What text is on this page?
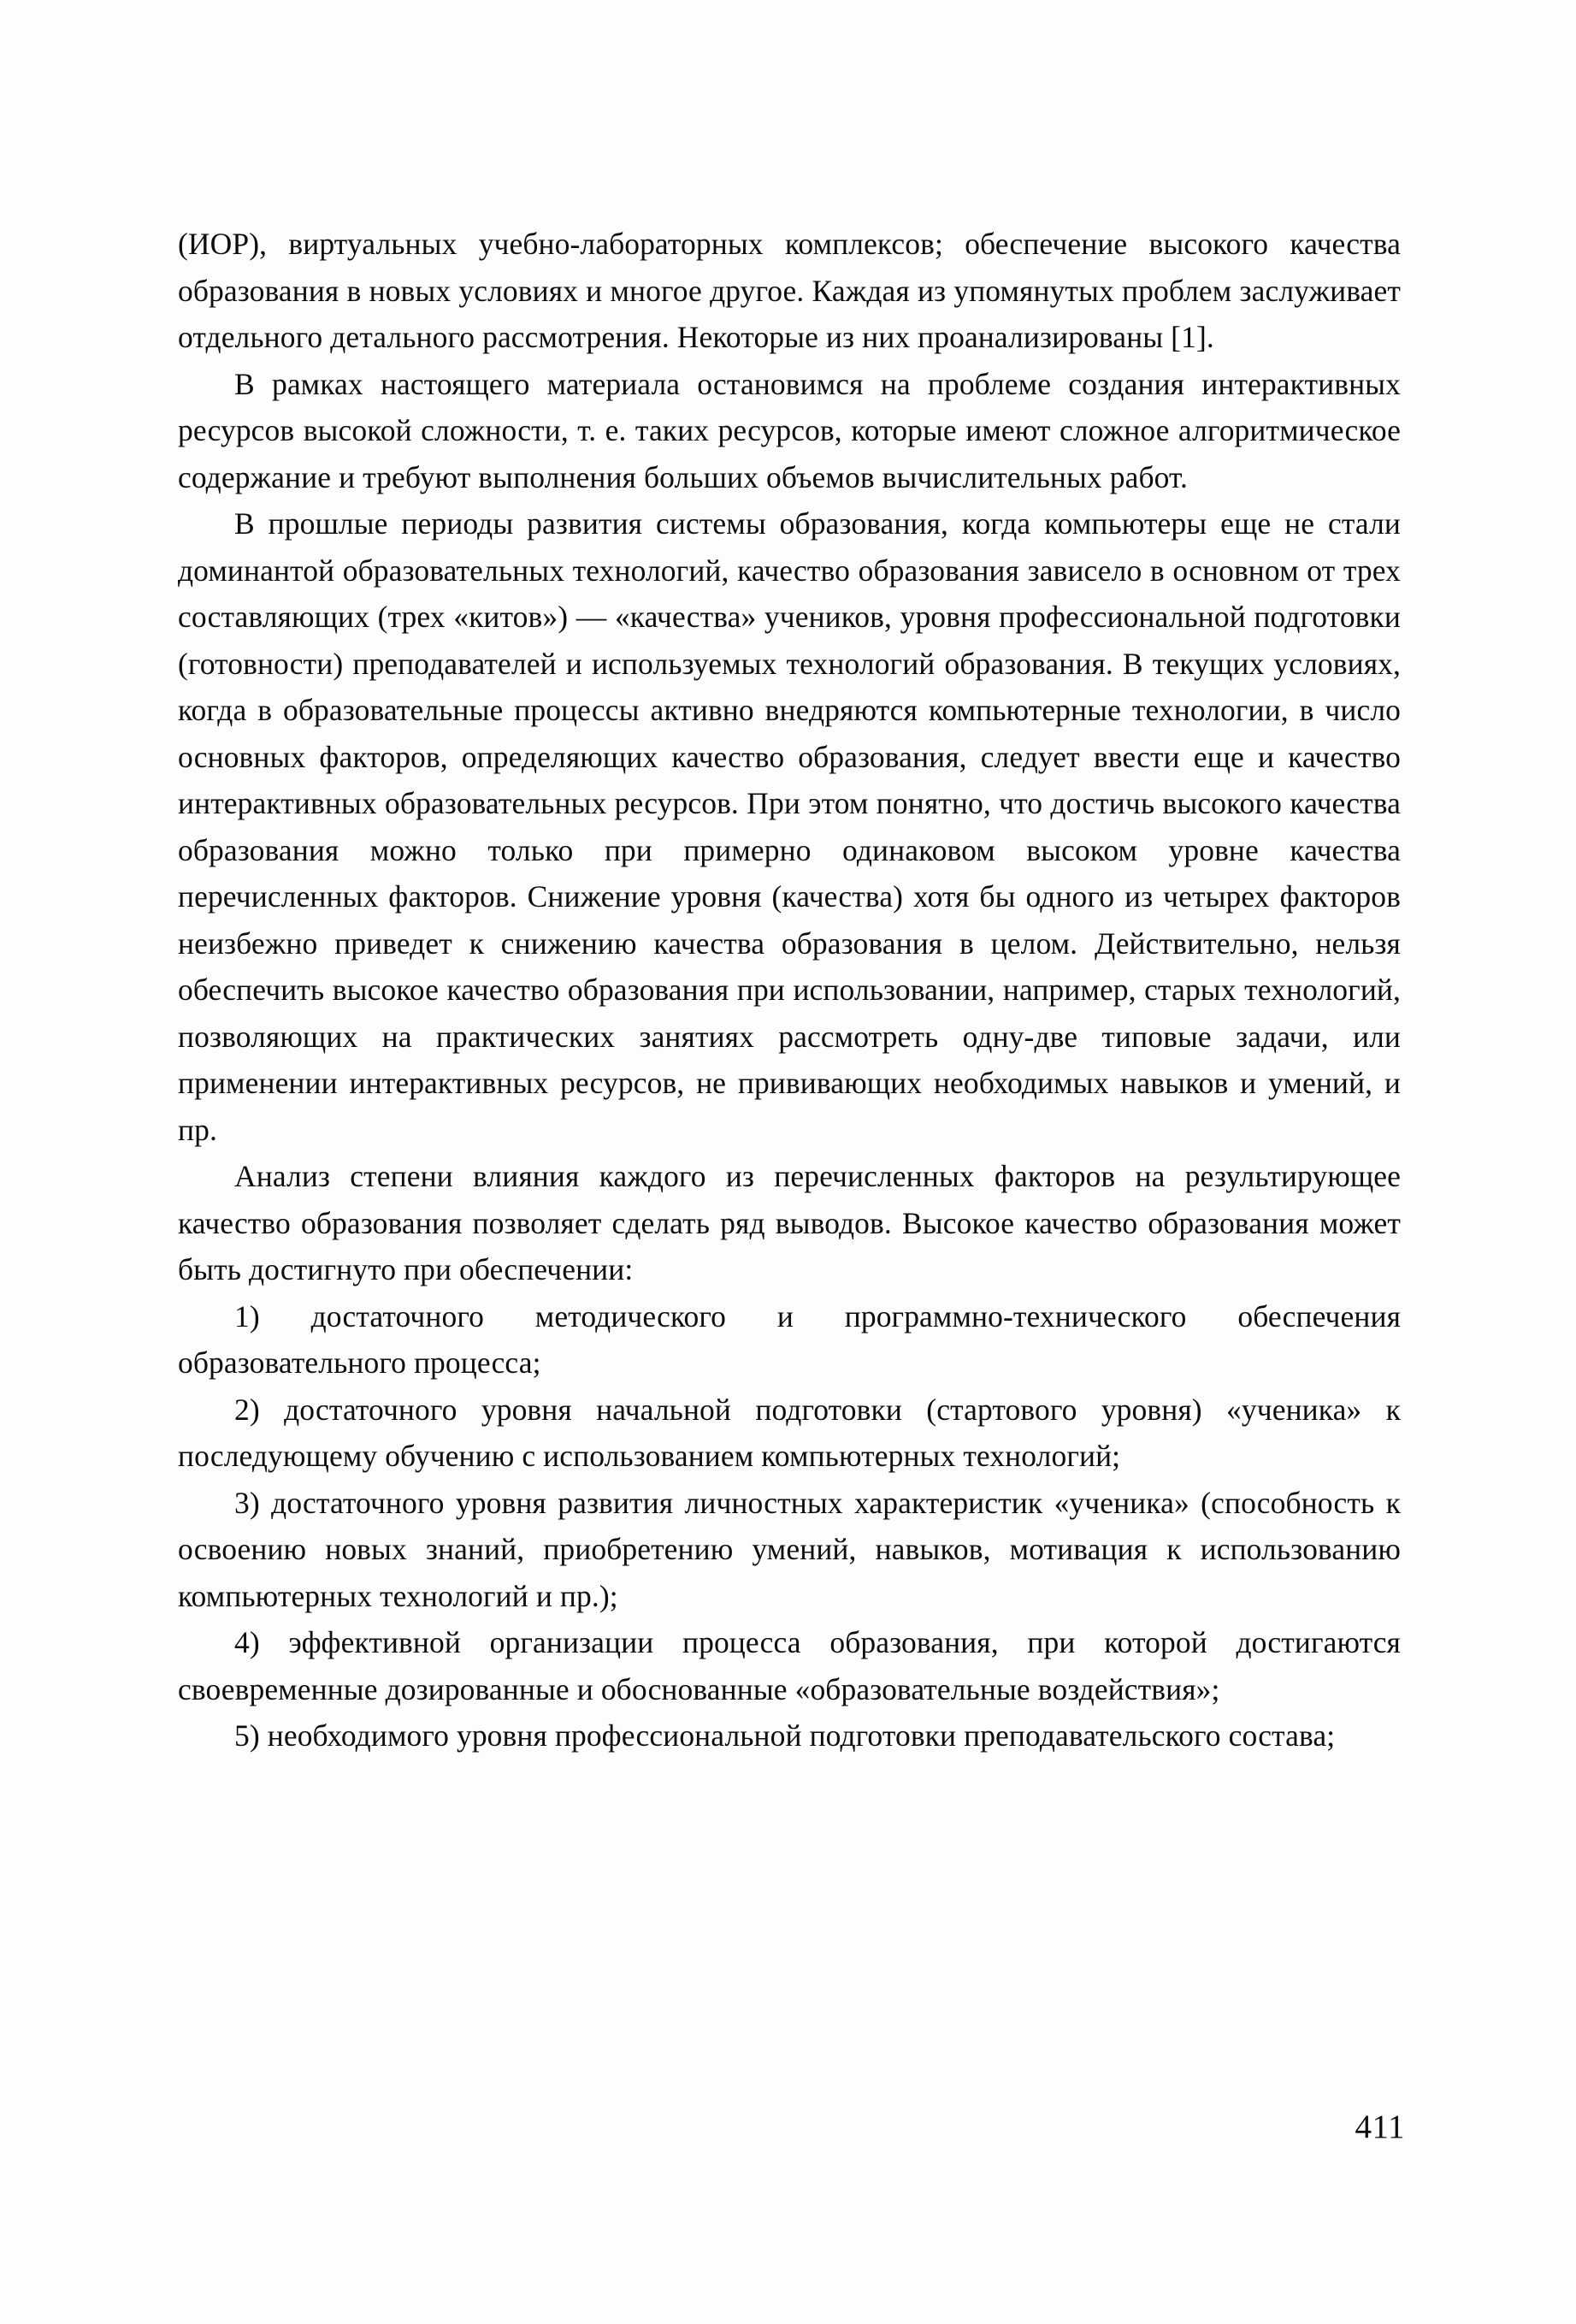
(ИОР), виртуальных учебно-лабораторных комплексов; обеспечение высокого качества образования в новых условиях и многое другое. Каждая из упомянутых проблем заслуживает отдельного детального рассмотрения. Некоторые из них проанализированы [1].

В рамках настоящего материала остановимся на проблеме создания интерактивных ресурсов высокой сложности, т. е. таких ресурсов, которые имеют сложное алгоритмическое содержание и требуют выполнения больших объемов вычислительных работ.

В прошлые периоды развития системы образования, когда компьютеры еще не стали доминантой образовательных технологий, качество образования зависело в основном от трех составляющих (трех «китов») — «качества» учеников, уровня профессиональной подготовки (готовности) преподавателей и используемых технологий образования. В текущих условиях, когда в образовательные процессы активно внедряются компьютерные технологии, в число основных факторов, определяющих качество образования, следует ввести еще и качество интерактивных образовательных ресурсов. При этом понятно, что достичь высокого качества образования можно только при примерно одинаковом высоком уровне качества перечисленных факторов. Снижение уровня (качества) хотя бы одного из четырех факторов неизбежно приведет к снижению качества образования в целом. Действительно, нельзя обеспечить высокое качество образования при использовании, например, старых технологий, позволяющих на практических занятиях рассмотреть одну-две типовые задачи, или применении интерактивных ресурсов, не прививающих необходимых навыков и умений, и пр.

Анализ степени влияния каждого из перечисленных факторов на результирующее качество образования позволяет сделать ряд выводов. Высокое качество образования может быть достигнуто при обеспечении:

1) достаточного методического и программно-технического обеспечения образовательного процесса;

2) достаточного уровня начальной подготовки (стартового уровня) «ученика» к последующему обучению с использованием компьютерных технологий;

3) достаточного уровня развития личностных характеристик «ученика» (способность к освоению новых знаний, приобретению умений, навыков, мотивация к использованию компьютерных технологий и пр.);

4) эффективной организации процесса образования, при которой достигаются своевременные дозированные и обоснованные «образовательные воздействия»;

5) необходимого уровня профессиональной подготовки преподавательского состава;

411
